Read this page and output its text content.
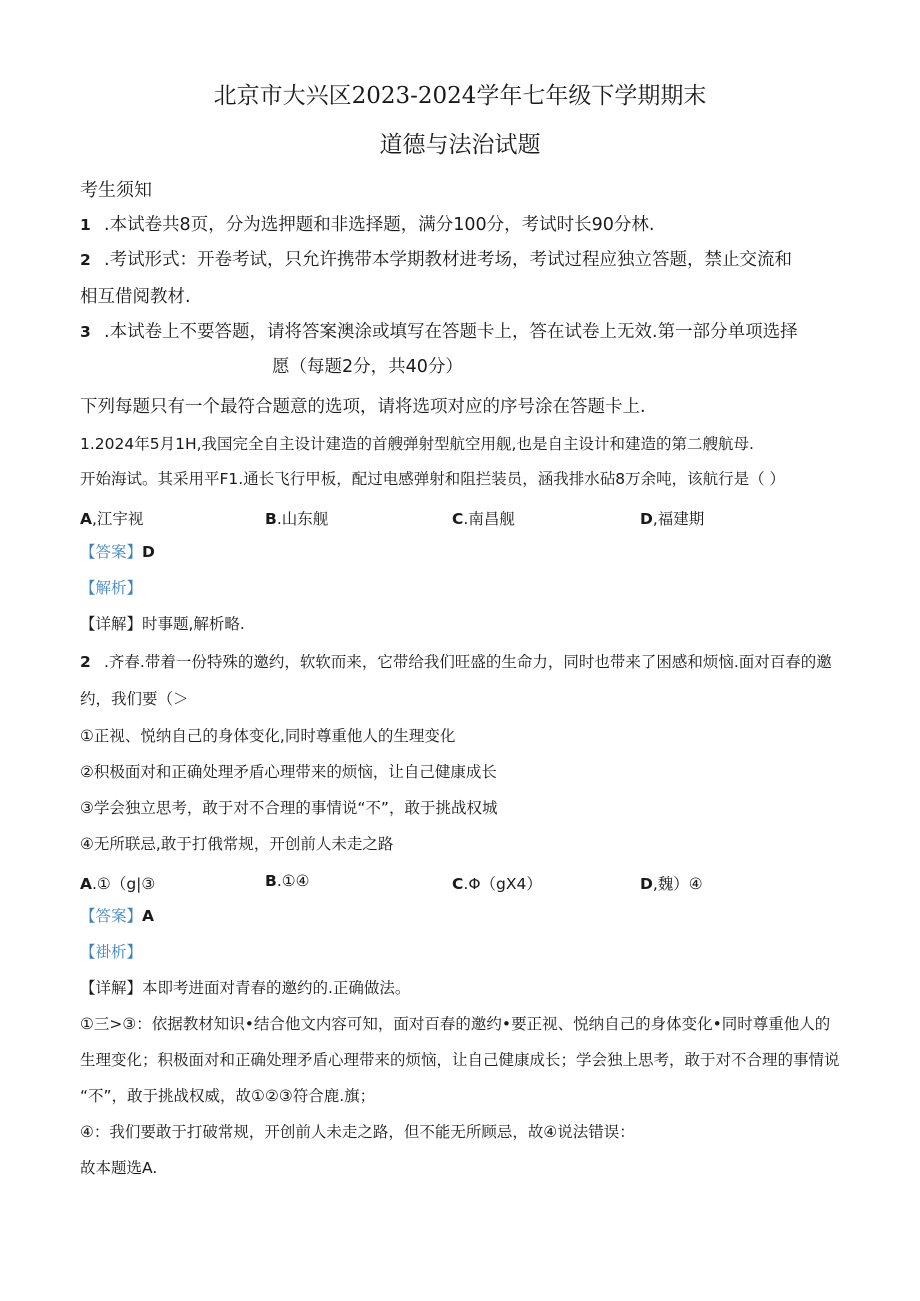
北京市大兴区2023-2024学年七年级下学期期末
道德与法治试题
考生须知
1 .本试卷共8页，分为选押题和非选择题，满分100分，考试时长90分林.
2 .考试形式：开卷考试，只允许携带本学期教材进考场，考试过程应独立答题，禁止交流和
相互借阅教材.
3 .本试卷上不要答题，请将答案澳涂或填写在答题卡上，答在试卷上无效.第一部分单项选择
愿（每题2分，共40分）
下列每题只有一个最符合题意的选项，请将选项对应的序号涂在答题卡上.
1.2024年5月1H,我国完全自主设计建造的首艘弹射型航空用舰,也是自主设计和建造的第二艘航母.
开始海试。其采用平F1.通长飞行甲板，配过电感弹射和阻拦装员，涵我排水砧8万余吨，该航行是（ ）
A,江宇视	B.山东舰	C.南昌舰	D,福建期
【答案】D
【解析】
【详解】时事题,解析略.
2 .齐春.带着一份特殊的邀约，软软而来，它带给我们旺盛的生命力，同时也带来了困感和烦恼.面对百春的邀
约，我们要（＞
①正视、悦纳自己的身体变化,同时尊重他人的生理变化
②积极面对和正确处理矛盾心理带来的烦恼，让自己健康成长
③学会独立思考，敢于对不合理的事情说“不”，敢于挑战权城
④无所联忌,敢于打俄常规，开创前人未走之路
A.①（g|③	B.①④	C.Φ（gX4）	D,魏）④
【答案】A
【褂析】
【详解】本即考进面对青春的邀约的.正确做法。
①三>③：依据教材知识•结合他文内容可知，面对百春的邀约•要正视、悦纳自己的身体变化•同时尊重他人的
生理变化；积极面对和正确处理矛盾心理带来的烦恼，让自己健康成长；学会独上思考，敢于对不合理的事情说
“不”，敢于挑战权威，故①②③符合鹿.旗；
④：我们要敢于打破常规，开创前人未走之路，但不能无所顾忌，故④说法错误：
故本题选A.
